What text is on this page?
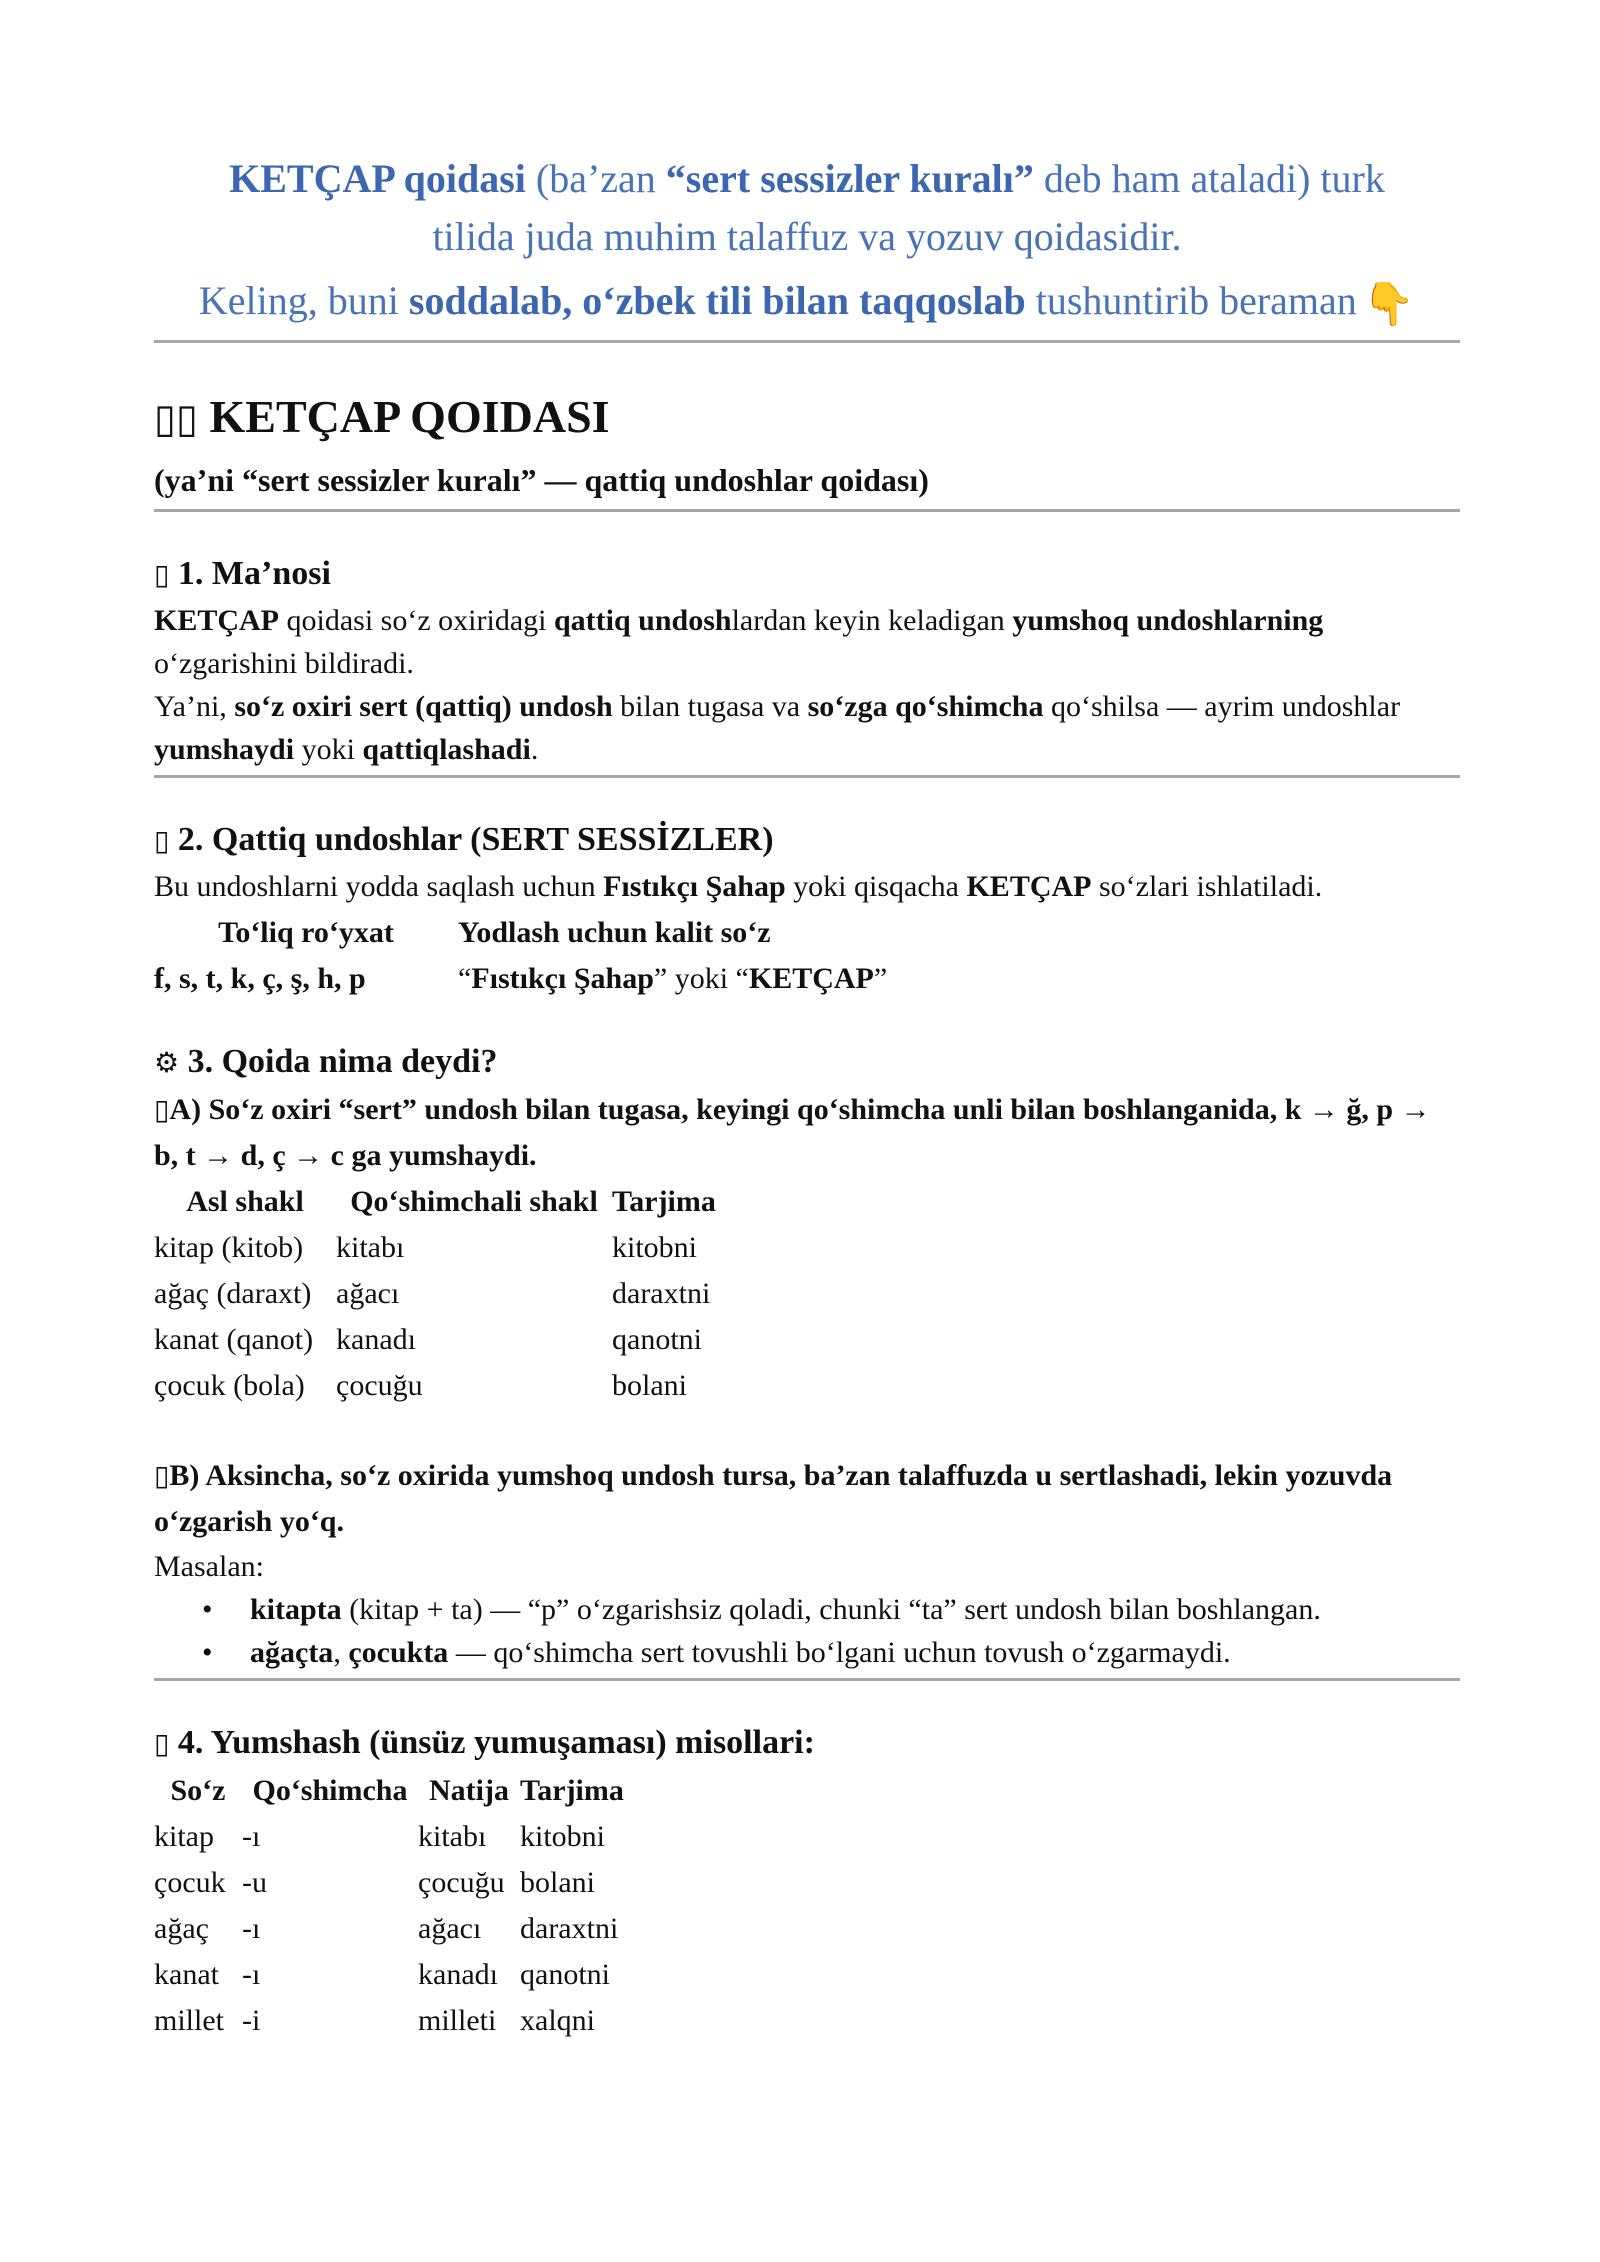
KETÇAP qoidasi (ba’zan “sert sessizler kuralı” deb ham ataladi) turk
tilida juda muhim talaffuz va yozuv qoidasidir.
Keling, buni soddalab, o‘zbek tili bilan taqqoslab tushuntirib beraman 👇
▯▯ KETÇAP QOIDASI
(ya’ni “sert sessizler kuralı” — qattiq undoshlar qoidası)
▯ 1. Ma’nosi

KETÇAP qoidasi so‘z oxiridagi qattiq undoshlardan keyin keladigan yumshoq undoshlarning o‘zgarishini bildiradi.

Ya’ni, so‘z oxiri sert (qattiq) undosh bilan tugasa va so‘zga qo‘shimcha qo‘shilsa — ayrim undoshlar yumshaydi yoki qattiqlashadi.

▯ 2. Qattiq undoshlar (SERT SESSİZLER)

Bu undoshlarni yodda saqlash uchun Fıstıkçı Şahap yoki qisqacha KETÇAP so‘zlari ishlatiladi.

To‘liq ro‘yxat	Yodlash uchun kalit so‘z
f, s, t, k, ç, ş, h, p	“Fıstıkçı Şahap” yoki “KETÇAP”
⚙ 3. Qoida nima deydi?

▯A) So‘z oxiri “sert” undosh bilan tugasa, keyingi qo‘shimcha unli bilan boshlanganida, k → ğ, p → b, t → d, ç → c ga yumshaydi.

Asl shakl	Qo‘shimchali shakl	Tarjima
kitap (kitob)	kitabı	kitobni
ağaç (daraxt)	ağacı	daraxtni
kanat (qanot)	kanadı	qanotni
çocuk (bola)	çocuğu	bolani

▯B) Aksincha, so‘z oxirida yumshoq undosh tursa, ba’zan talaffuzda u sertlashadi, lekin yozuvda o‘zgarish yo‘q.

Masalan:

• kitapta (kitap + ta) — “p” o‘zgarishsiz qoladi, chunki “ta” sert undosh bilan boshlangan.
• ağaçta, çocukta — qo‘shimcha sert tovushli bo‘lgani uchun tovush o‘zgarmaydi.
▯ 4. Yumshash (ünsüz yumuşaması) misollari:
So‘z	Qo‘shimcha	Natija	Tarjima
kitap	-ı	kitabı	kitobni
çocuk	-u	çocuğu	bolani
ağaç	-ı	ağacı	daraxtni
kanat	-ı	kanadı	qanotni
millet	-i	milleti	xalqni
